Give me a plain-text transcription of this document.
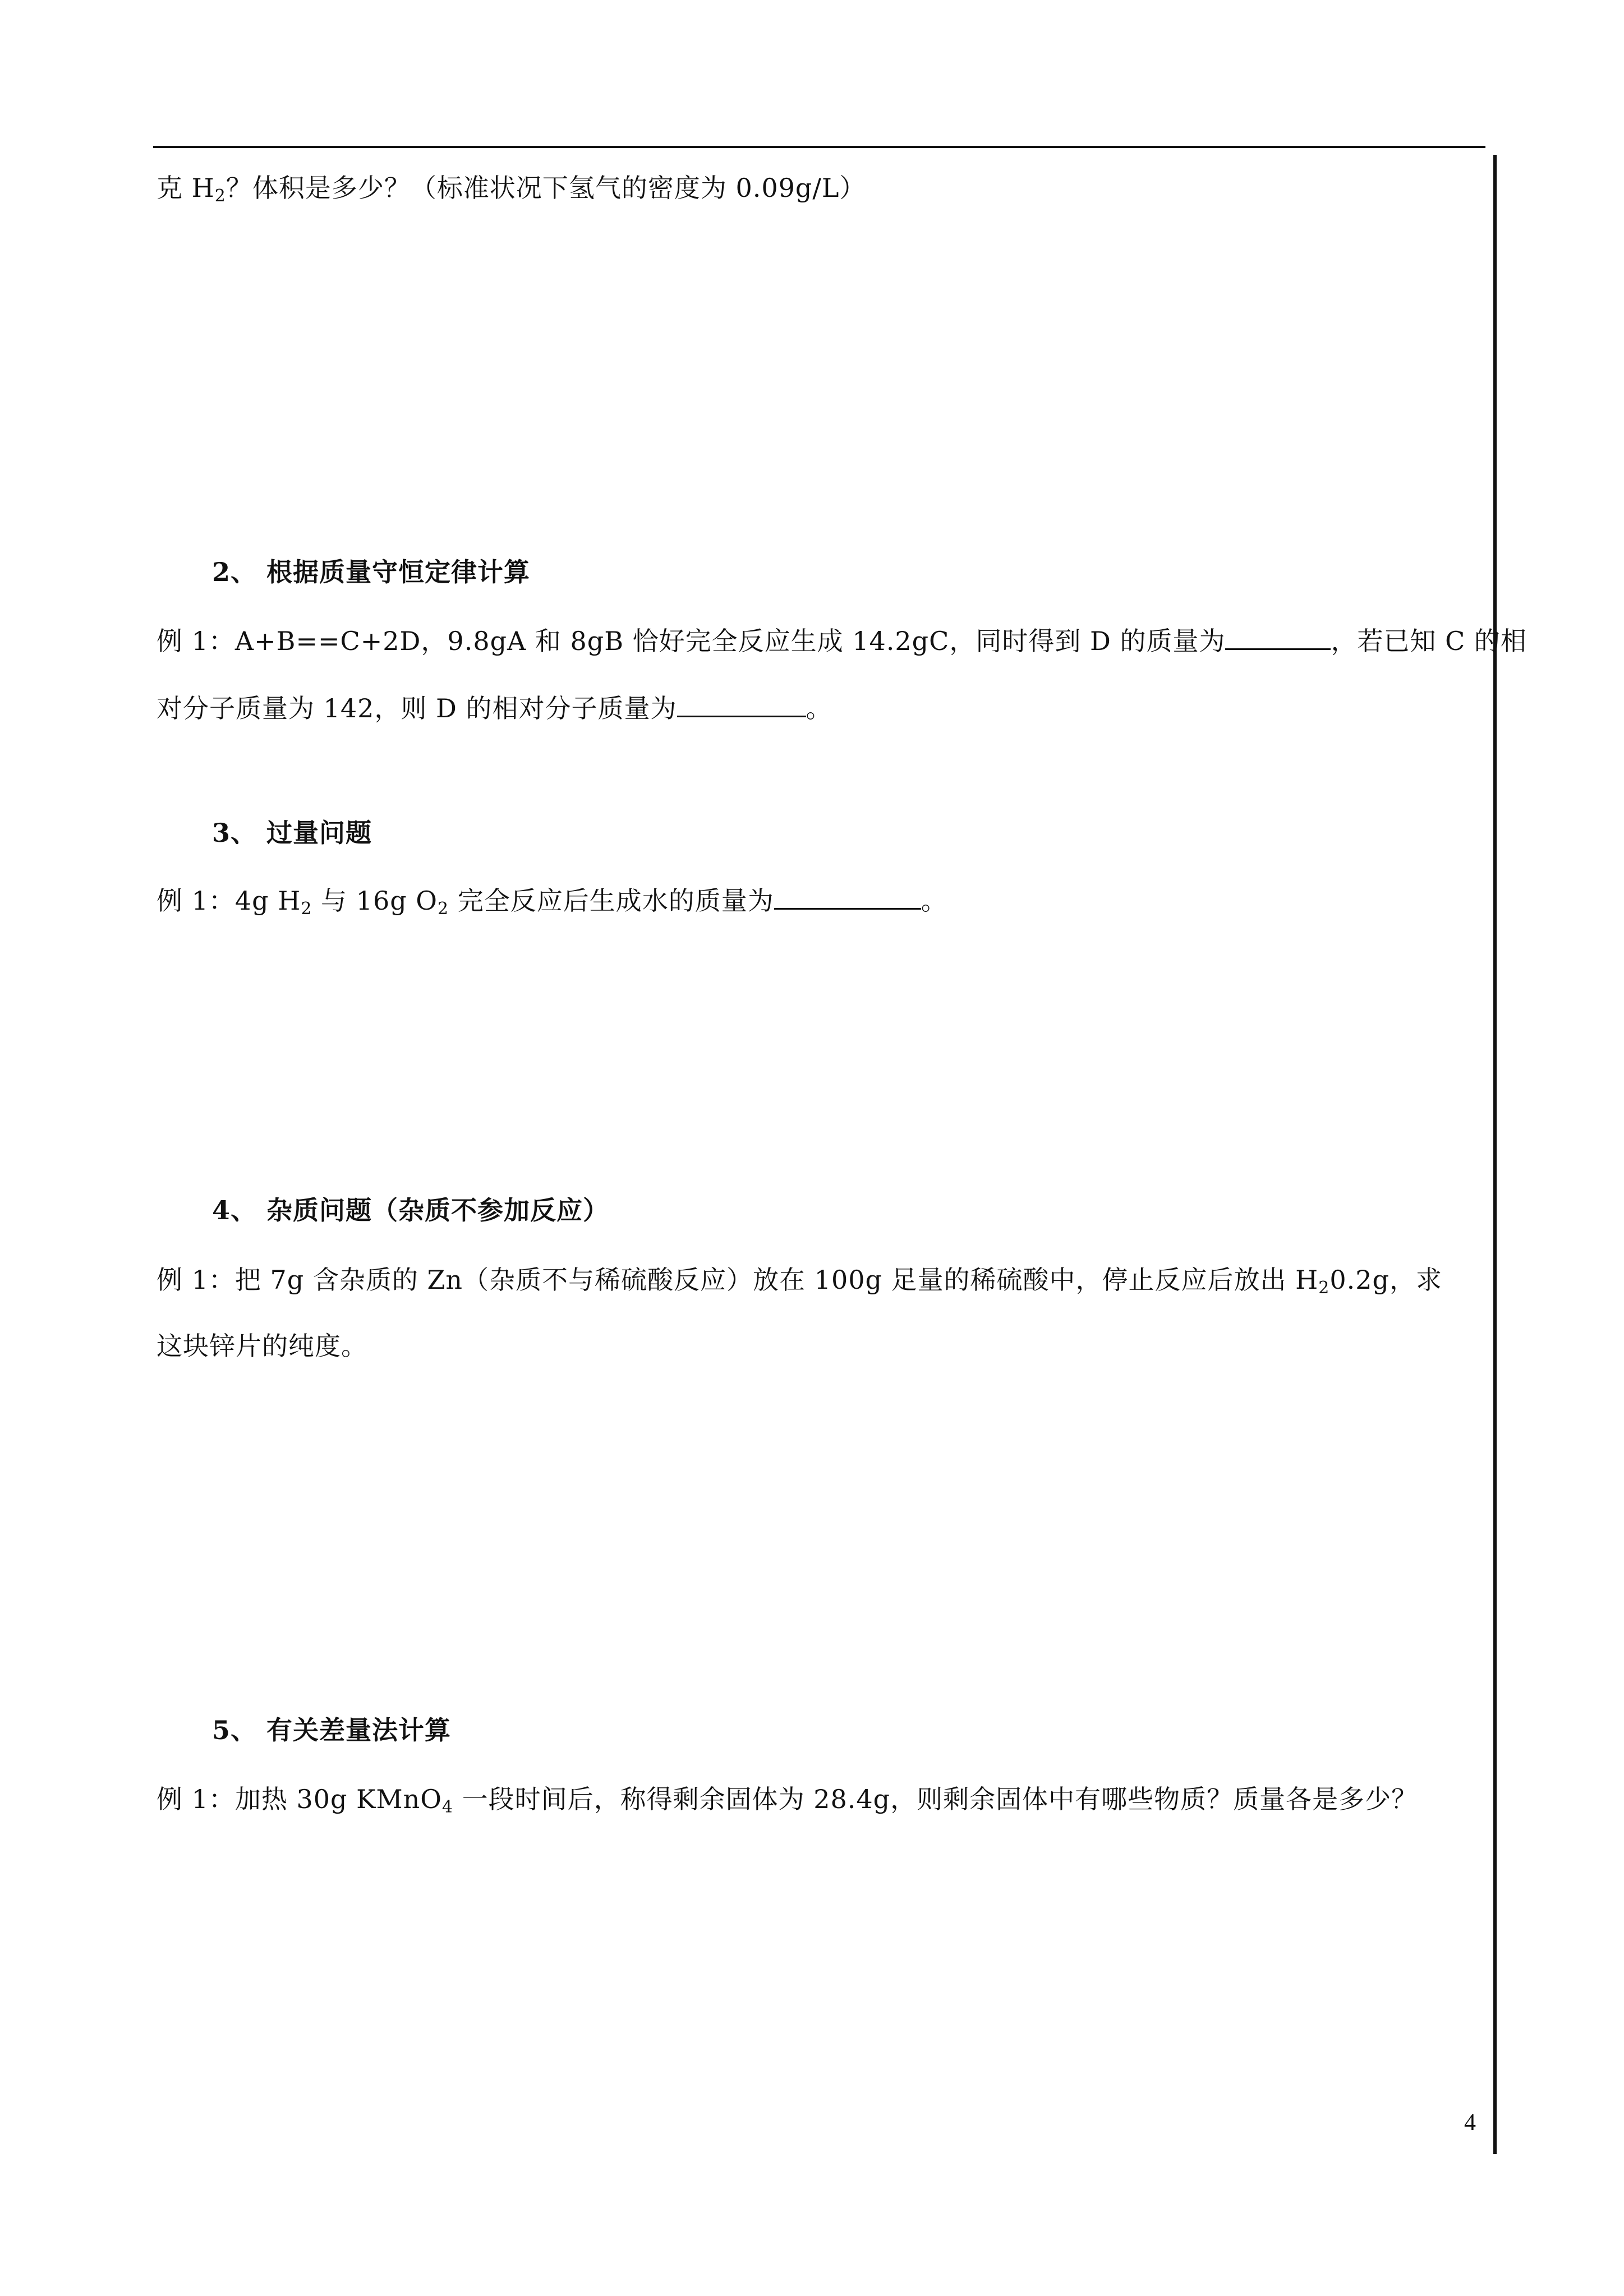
克 $H_2$？体积是多少？（标准状况下氢气的密度为 0.09g/L）
2、 根据质量守恒定律计算
例 1：A+B==C+2D，9.8gA 和 8gB 恰好完全反应生成 14.2gC，同时得到 D 的质量为	，若已知 C 的相
对分子质量为 142，则 D 的相对分子质量为	。
3、 过量问题
例 1：4g $H_2$ 与 16g $O_2$ 完全反应后生成水的质量为	。
4、 杂质问题（杂质不参加反应）
例 1：把 7g 含杂质的 Zn（杂质不与稀硫酸反应）放在 100g 足量的稀硫酸中，停止反应后放出 $H_20.2g$，求
这块锌片的纯度。
5、 有关差量法计算
例 1：加热 30g KMnO$_4$ 一段时间后，称得剩余固体为 28.4g，则剩余固体中有哪些物质？质量各是多少？
4
